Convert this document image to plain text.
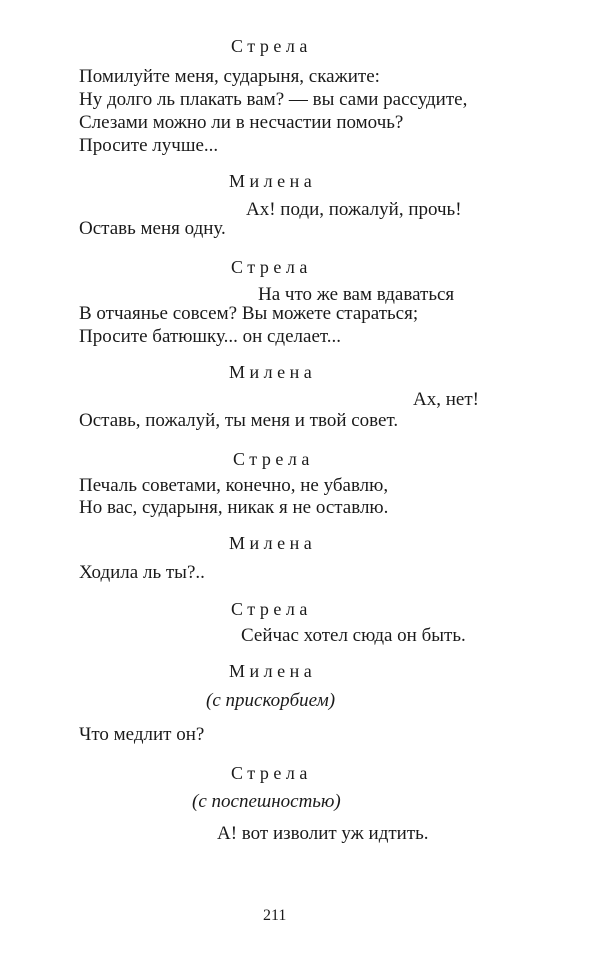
Стрела
Помилуйте меня, сударыня, скажите:
Ну долго ль плакать вам? — вы сами рассудите,
Слезами можно ли в несчастии помочь?
Просите лучше...
Милена
Ах! поди, пожалуй, прочь!
Оставь меня одну.
Стрела
На что же вам вдаваться
В отчаянье совсем? Вы можете стараться;
Просите батюшку... он сделает...
Милена
Ах, нет!
Оставь, пожалуй, ты меня и твой совет.
Стрела
Печаль советами, конечно, не убавлю,
Но вас, сударыня, никак я не оставлю.
Милена
Ходила ль ты?..
Стрела
Сейчас хотел сюда он быть.
Милена
(с прискорбием)
Что медлит он?
Стрела
(с поспешностью)
А! вот изволит уж идтить.
211
